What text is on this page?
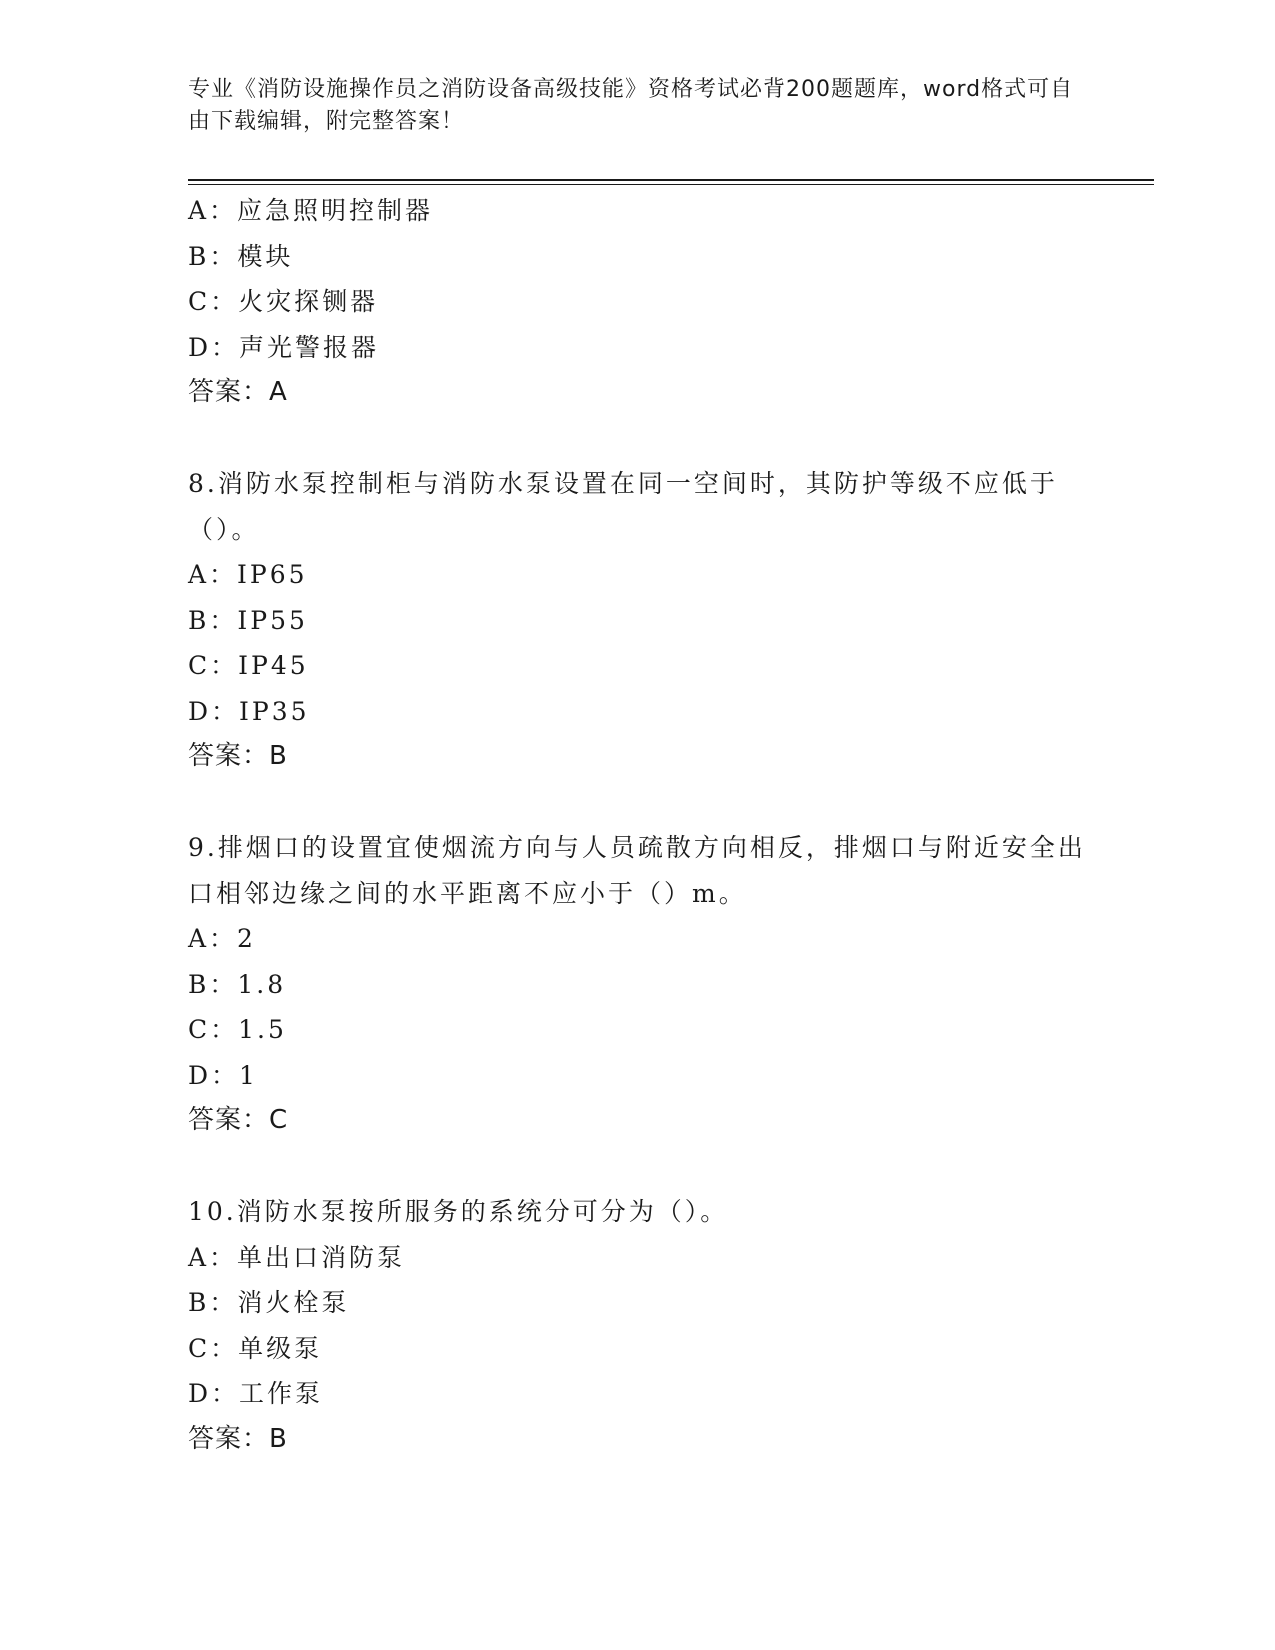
专业《消防设施操作员之消防设备高级技能》资格考试必背200题题库，word格式可自由下载编辑，附完整答案！
A：应急照明控制器
B：模块
C：火灾探铡器
D：声光警报器
答案：A
8.消防水泵控制柜与消防水泵设置在同一空间时，其防护等级不应低于（）。
A：IP65
B：IP55
C：IP45
D：IP35
答案：B
9.排烟口的设置宜使烟流方向与人员疏散方向相反，排烟口与附近安全出口相邻边缘之间的水平距离不应小于（）m。
A：2
B：1.8
C：1.5
D：1
答案：C
10.消防水泵按所服务的系统分可分为（）。
A：单出口消防泵
B：消火栓泵
C：单级泵
D：工作泵
答案：B
